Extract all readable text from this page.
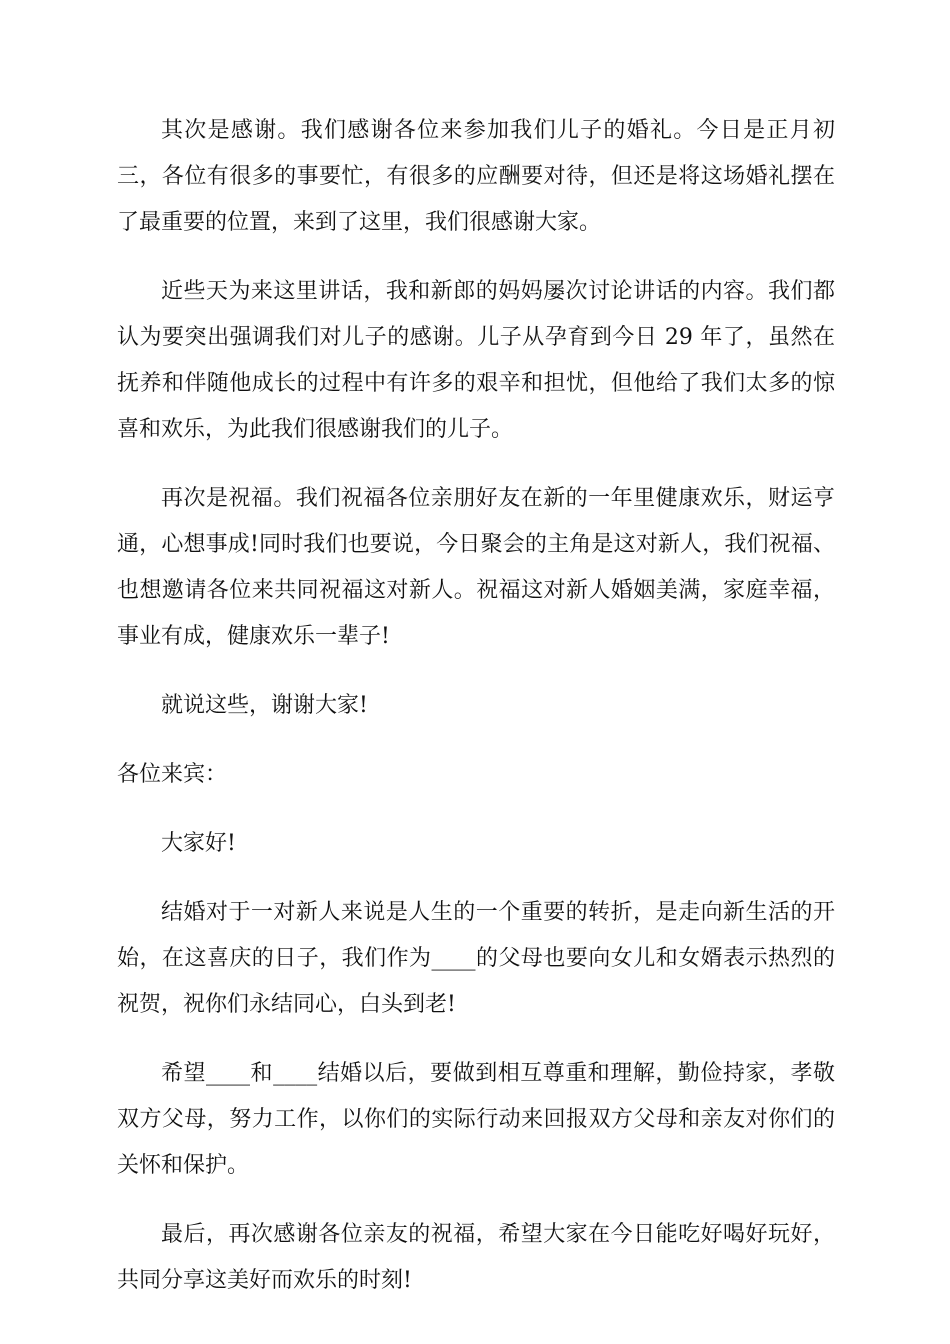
其次是感谢。我们感谢各位来参加我们儿子的婚礼。今日是正月初三，各位有很多的事要忙，有很多的应酬要对待，但还是将这场婚礼摆在了最重要的位置，来到了这里，我们很感谢大家。

近些天为来这里讲话，我和新郎的妈妈屡次讨论讲话的内容。我们都认为要突出强调我们对儿子的感谢。儿子从孕育到今日 29 年了，虽然在抚养和伴随他成长的过程中有许多的艰辛和担忧，但他给了我们太多的惊喜和欢乐，为此我们很感谢我们的儿子。

再次是祝福。我们祝福各位亲朋好友在新的一年里健康欢乐，财运亨通，心想事成!同时我们也要说，今日聚会的主角是这对新人，我们祝福、也想邀请各位来共同祝福这对新人。祝福这对新人婚姻美满，家庭幸福，事业有成，健康欢乐一辈子!

就说这些，谢谢大家!

各位来宾：

大家好!

结婚对于一对新人来说是人生的一个重要的转折，是走向新生活的开始，在这喜庆的日子，我们作为____的父母也要向女儿和女婿表示热烈的祝贺，祝你们永结同心，白头到老!

希望____和____结婚以后，要做到相互尊重和理解，勤俭持家，孝敬双方父母，努力工作，以你们的实际行动来回报双方父母和亲友对你们的关怀和保护。

最后，再次感谢各位亲友的祝福，希望大家在今日能吃好喝好玩好，共同分享这美好而欢乐的时刻!
